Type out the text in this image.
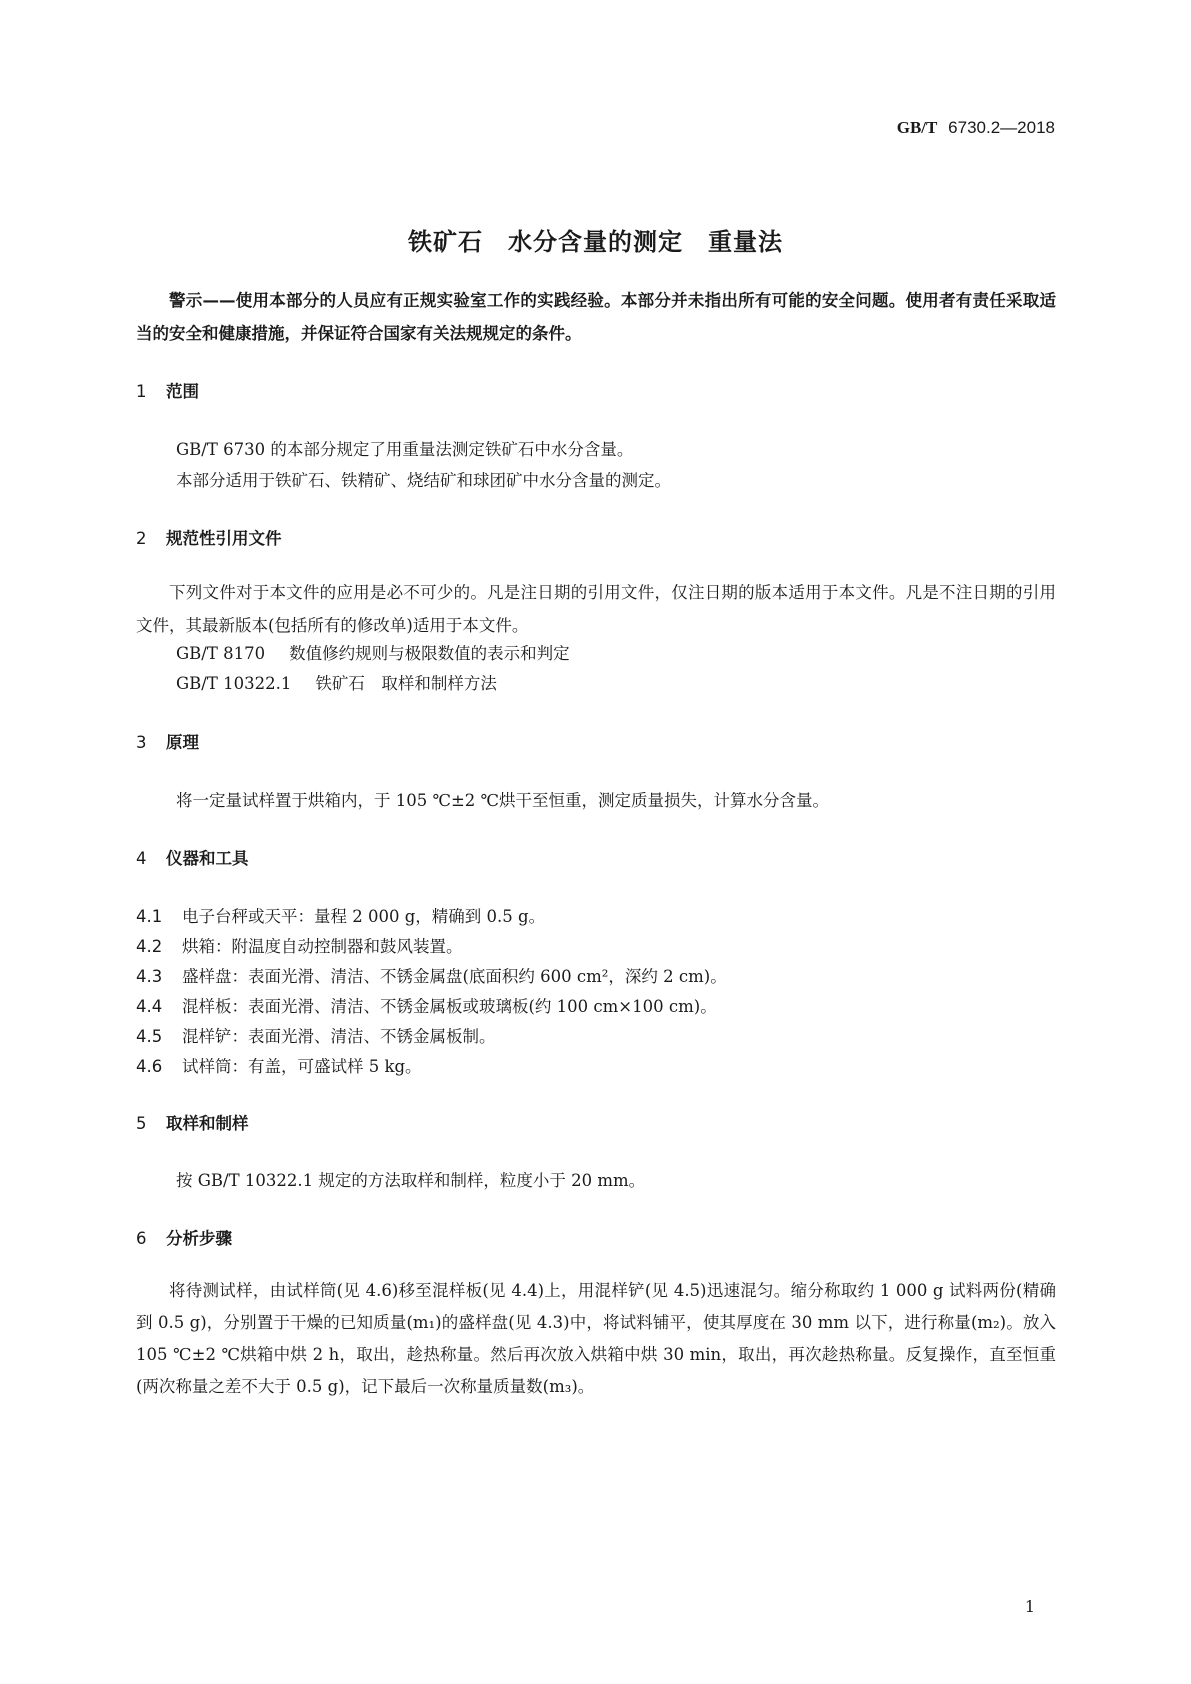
GB/T 6730.2—2018
铁矿石　水分含量的测定　重量法

警示——使用本部分的人员应有正规实验室工作的实践经验。本部分并未指出所有可能的安全问题。使用者有责任采取适当的安全和健康措施，并保证符合国家有关法规规定的条件。

1 范围
GB/T 6730 的本部分规定了用重量法测定铁矿石中水分含量。
本部分适用于铁矿石、铁精矿、烧结矿和球团矿中水分含量的测定。
2 规范性引用文件

下列文件对于本文件的应用是必不可少的。凡是注日期的引用文件，仅注日期的版本适用于本文件。凡是不注日期的引用文件，其最新版本(包括所有的修改单)适用于本文件。

GB/T 8170 数值修约规则与极限数值的表示和判定
GB/T 10322.1 铁矿石　取样和制样方法
3 原理
将一定量试样置于烘箱内，于 105 ℃±2 ℃烘干至恒重，测定质量损失，计算水分含量。
4 仪器和工具
4.1 电子台秤或天平：量程 2 000 g，精确到 0.5 g。
4.2 烘箱：附温度自动控制器和鼓风装置。
4.3 盛样盘：表面光滑、清洁、不锈金属盘(底面积约 600 cm²，深约 2 cm)。
4.4 混样板：表面光滑、清洁、不锈金属板或玻璃板(约 100 cm×100 cm)。
4.5 混样铲：表面光滑、清洁、不锈金属板制。
4.6 试样筒：有盖，可盛试样 5 kg。
5 取样和制样
按 GB/T 10322.1 规定的方法取样和制样，粒度小于 20 mm。
6 分析步骤

将待测试样，由试样筒(见 4.6)移至混样板(见 4.4)上，用混样铲(见 4.5)迅速混匀。缩分称取约 1 000 g 试料两份(精确到 0.5 g)，分别置于干燥的已知质量(m₁)的盛样盘(见 4.3)中，将试料铺平，使其厚度在 30 mm 以下，进行称量(m₂)。放入 105 ℃±2 ℃烘箱中烘 2 h，取出，趁热称量。然后再次放入烘箱中烘 30 min，取出，再次趁热称量。反复操作，直至恒重(两次称量之差不大于 0.5 g)，记下最后一次称量质量数(m₃)。

1
